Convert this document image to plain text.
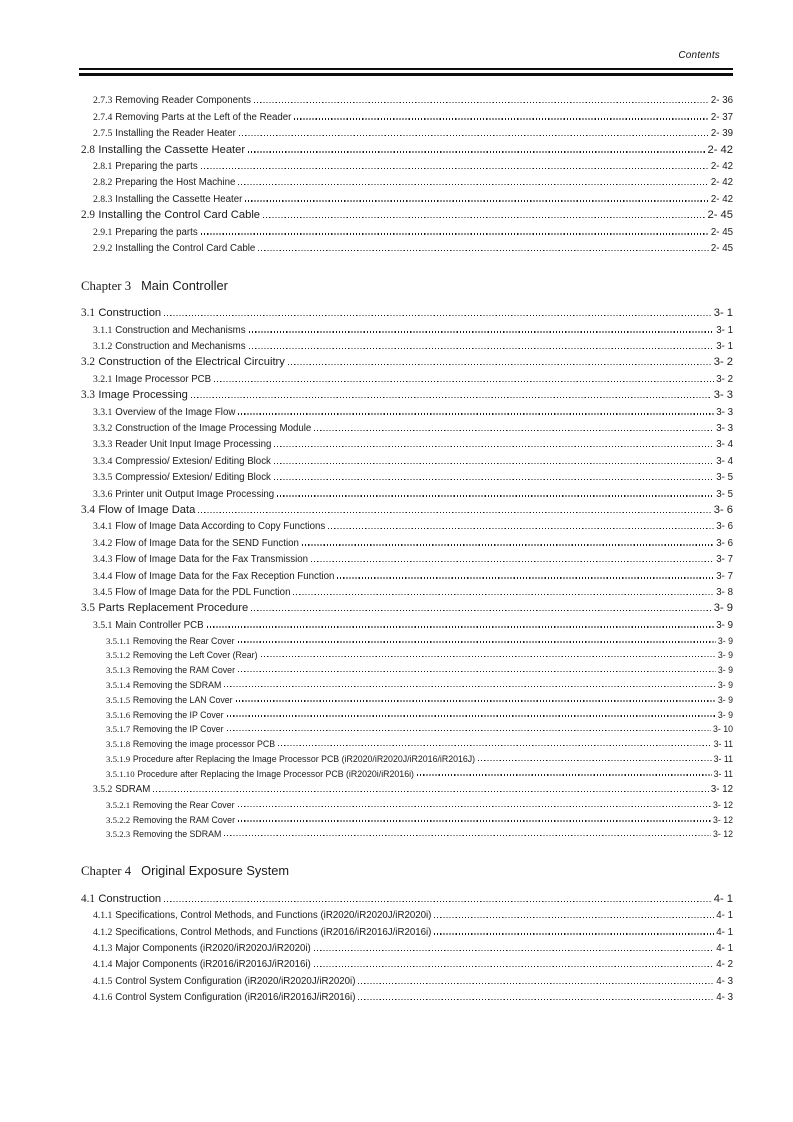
Contents
2.7.3 Removing Reader Components	2- 36
2.7.4 Removing Parts at the Left of the Reader	2- 37
2.7.5 Installing the Reader Heater	2- 39
2.8 Installing the Cassette Heater	2- 42
2.8.1 Preparing the parts	2- 42
2.8.2 Preparing the Host Machine	2- 42
2.8.3 Installing the Cassette Heater	2- 42
2.9 Installing the Control Card Cable	2- 45
2.9.1 Preparing the parts	2- 45
2.9.2 Installing the Control Card Cable	2- 45
Chapter 3 Main Controller
3.1 Construction	3- 1
3.1.1 Construction and Mechanisms	3- 1
3.1.2 Construction and Mechanisms	3- 1
3.2 Construction of the Electrical Circuitry	3- 2
3.2.1 Image Processor PCB	3- 2
3.3 Image Processing	3- 3
3.3.1 Overview of the Image Flow	3- 3
3.3.2 Construction of the Image Processing Module	3- 3
3.3.3 Reader Unit Input Image Processing	3- 4
3.3.4 Compressio/ Extesion/ Editing Block	3- 4
3.3.5 Compressio/ Extesion/ Editing Block	3- 5
3.3.6 Printer unit Output Image Processing	3- 5
3.4 Flow of Image Data	3- 6
3.4.1 Flow of Image Data According to Copy Functions	3- 6
3.4.2 Flow of Image Data for the SEND Function	3- 6
3.4.3 Flow of Image Data for the Fax Transmission	3- 7
3.4.4 Flow of Image Data for the Fax Reception Function	3- 7
3.4.5 Flow of Image Data for the PDL Function	3- 8
3.5 Parts Replacement Procedure	3- 9
3.5.1 Main Controller PCB	3- 9
3.5.1.1 Removing the Rear Cover	3- 9
3.5.1.2 Removing the Left Cover (Rear)	3- 9
3.5.1.3 Removing the RAM Cover	3- 9
3.5.1.4 Removing the SDRAM	3- 9
3.5.1.5 Removing the LAN Cover	3- 9
3.5.1.6 Removing the IP Cover	3- 9
3.5.1.7 Removing the IP Cover	3- 10
3.5.1.8 Removing the image processor PCB	3- 11
3.5.1.9 Procedure after Replacing the Image Processor PCB (iR2020/iR2020J/iR2016/iR2016J)	3- 11
3.5.1.10 Procedure after Replacing the Image Processor PCB (iR2020i/iR2016i)	3- 11
3.5.2 SDRAM	3- 12
3.5.2.1 Removing the Rear Cover	3- 12
3.5.2.2 Removing the RAM Cover	3- 12
3.5.2.3 Removing the SDRAM	3- 12
Chapter 4 Original Exposure System
4.1 Construction	4- 1
4.1.1 Specifications, Control Methods, and Functions (iR2020/iR2020J/iR2020i)	4- 1
4.1.2 Specifications, Control Methods, and Functions (iR2016/iR2016J/iR2016i)	4- 1
4.1.3 Major Components (iR2020/iR2020J/iR2020i)	4- 1
4.1.4 Major Components (iR2016/iR2016J/iR2016i)	4- 2
4.1.5 Control System Configuration (iR2020/iR2020J/iR2020i)	4- 3
4.1.6 Control System Configuration (iR2016/iR2016J/iR2016i)	4- 3
